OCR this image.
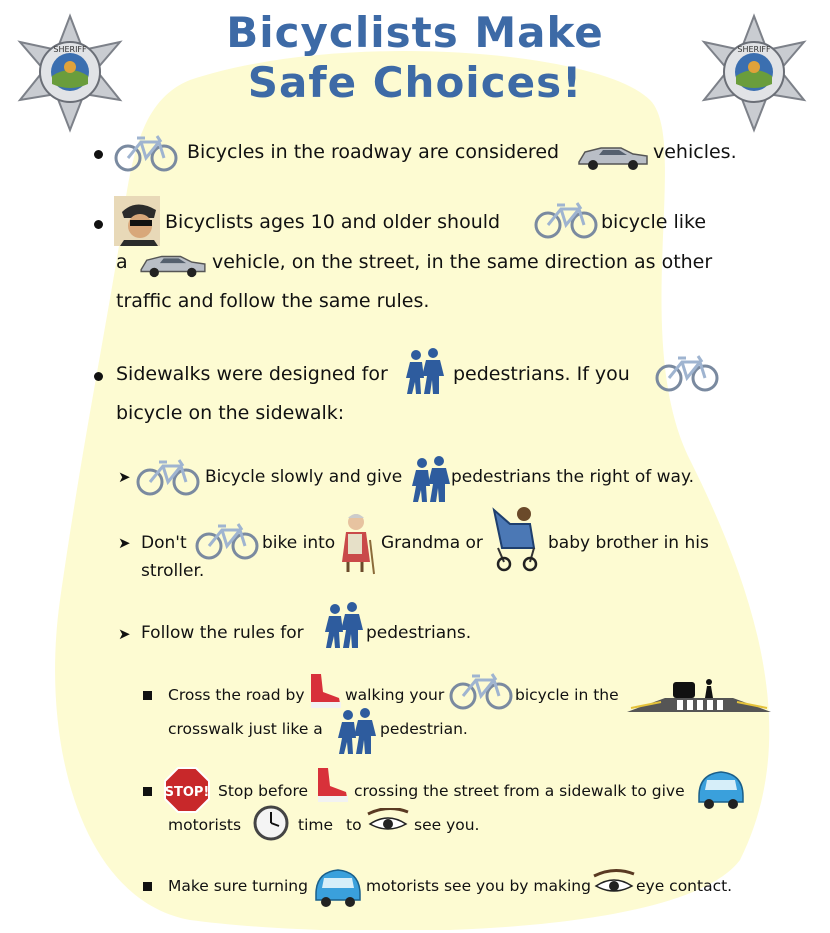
SHERIFF	SHERIFF
Bicyclists Make
Safe Choices!
Bicycles in the roadway are considered	vehicles.
Bicyclists ages 10 and older should	bicycle like
a	vehicle, on the street, in the same direction as other
traffic and follow the same rules.
Sidewalks were designed for	pedestrians. If you
bicycle on the sidewalk:
➤	Bicycle slowly and give	pedestrians the right of way.
➤ Don't	bike into	Grandma or	baby brother in his
stroller.
➤ Follow the rules for	pedestrians.
Cross the road by	walking your	bicycle in the
crosswalk just like a	pedestrian.
STOP! Stop before	crossing the street from a sidewalk to give
motorists	time to	see you.
Make sure turning	motorists see you by making	eye contact.
